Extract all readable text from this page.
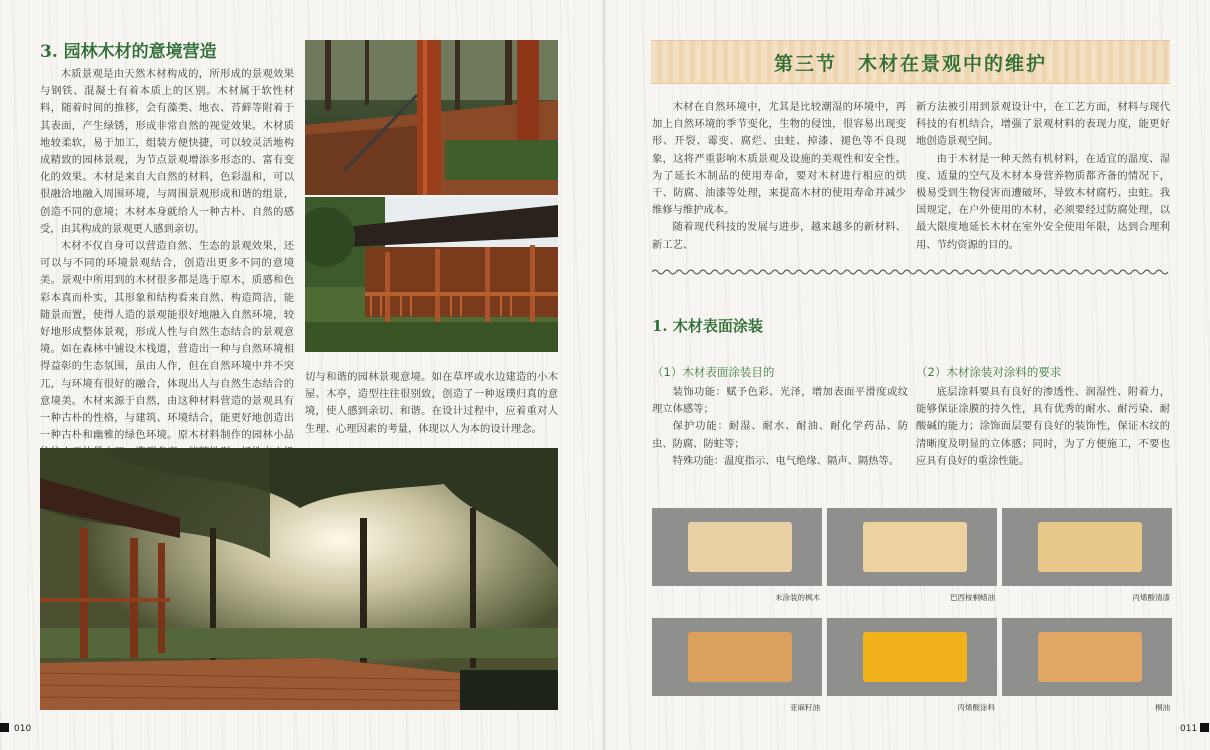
3. 园林木材的意境营造

木质景观是由天然木材构成的，所形成的景观效果与钢铁、混凝土有着本质上的区别。木材属于软性材料，随着时间的推移，会有藻类、地衣、苔藓等附着于其表面，产生绿锈，形成非常自然的视觉效果。木材质地较柔软，易于加工，组装方便快捷，可以较灵活地构成精致的园林景观，为节点景观增添多形态的、富有变化的效果。木材是来自大自然的材料，色彩温和，可以很融洽地融入周围环境，与周围景观形成和谐的组景，创造不同的意境；木材本身就给人一种古朴、自然的感受，由其构成的景观更人感到亲切。

木材不仅自身可以营造自然、生态的景观效果，还可以与不同的环境景观结合，创造出更多不同的意境美。景观中所用到的木材很多都是选于原木，质感和色彩本真而朴实，其形象和结构看来自然、构造简洁，能随景而置，使得人造的景观能很好地融入自然环境，较好地形成整体景观，形成人性与自然生态结合的景观意境。如在森林中铺设木栈道，营造出一种与自然环境相得益彰的生态氛围，虽由人作，但在自然环境中并不突兀，与环境有很好的融合，体现出人与自然生态结合的意境美。木材来源于自然，由这种材料营造的景观具有一种古朴的性格，与建筑、环境结合，能更好地创造出一种古朴和幽雅的绿色环境。原木材料制作的园林小品

切与和谐的园林景观意境。如在草坪或水边建造的小木屋、木亭，造型往往很别致，创造了一种返璞归真的意境，使人感到亲切、和谐。在设计过程中，应着重对人生理、心理因素的考量，体现以人为本的设计理念。

010
第三节　木材在景观中的维护

木材在自然环境中，尤其是比较潮湿的环境中，再加上自然环境的季节变化，生物的侵蚀，很容易出现变形、开裂、霉变、腐烂、虫蛀、掉漆、褪色等不良现象，这将严重影响木质景观及设施的美观性和安全性。为了延长木制品的使用寿命，要对木材进行相应的烘干、防腐、油漆等处理，来提高木材的使用寿命并减少维修与维护成本。

随着现代科技的发展与进步，越来越多的新材料、新工艺、

新方法被引用到景观设计中，在工艺方面，材料与现代科技的有机结合，增强了景观材料的表现力度，能更好地创造景观空间。

由于木材是一种天然有机材料，在适宜的温度、湿度、适量的空气及木材本身营养物质都齐备的情况下，极易受到生物侵害而遭破坏，导致木材腐朽、虫蛀。我国规定，在户外使用的木材，必须要经过防腐处理，以最大限度地延长木材在室外安全使用年限，达到合理利用、节约资源的目的。

1. 木材表面涂装
（1）木材表面涂装目的

装饰功能：赋予色彩、光泽，增加表面平滑度或纹理立体感等；

保护功能：耐湿、耐水、耐油、耐化学药品、防虫、防腐、防蛀等；

特殊功能：温度指示、电气绝缘、隔声、隔热等。

（2）木材涂装对涂料的要求

底层涂料要具有良好的渗透性、润湿性、附着力，能够保证涂膜的持久性，具有优秀的耐水、耐污染、耐酸碱的能力；涂饰面层要有良好的装饰性，保证木纹的清晰度及明显的立体感；同时，为了方便施工，不要也应具有良好的重涂性能。

未涂装的枫木	巴西桉桐蜡油	丙烯酸清漆
亚麻籽油	丙烯酸涂料	桐油
011
